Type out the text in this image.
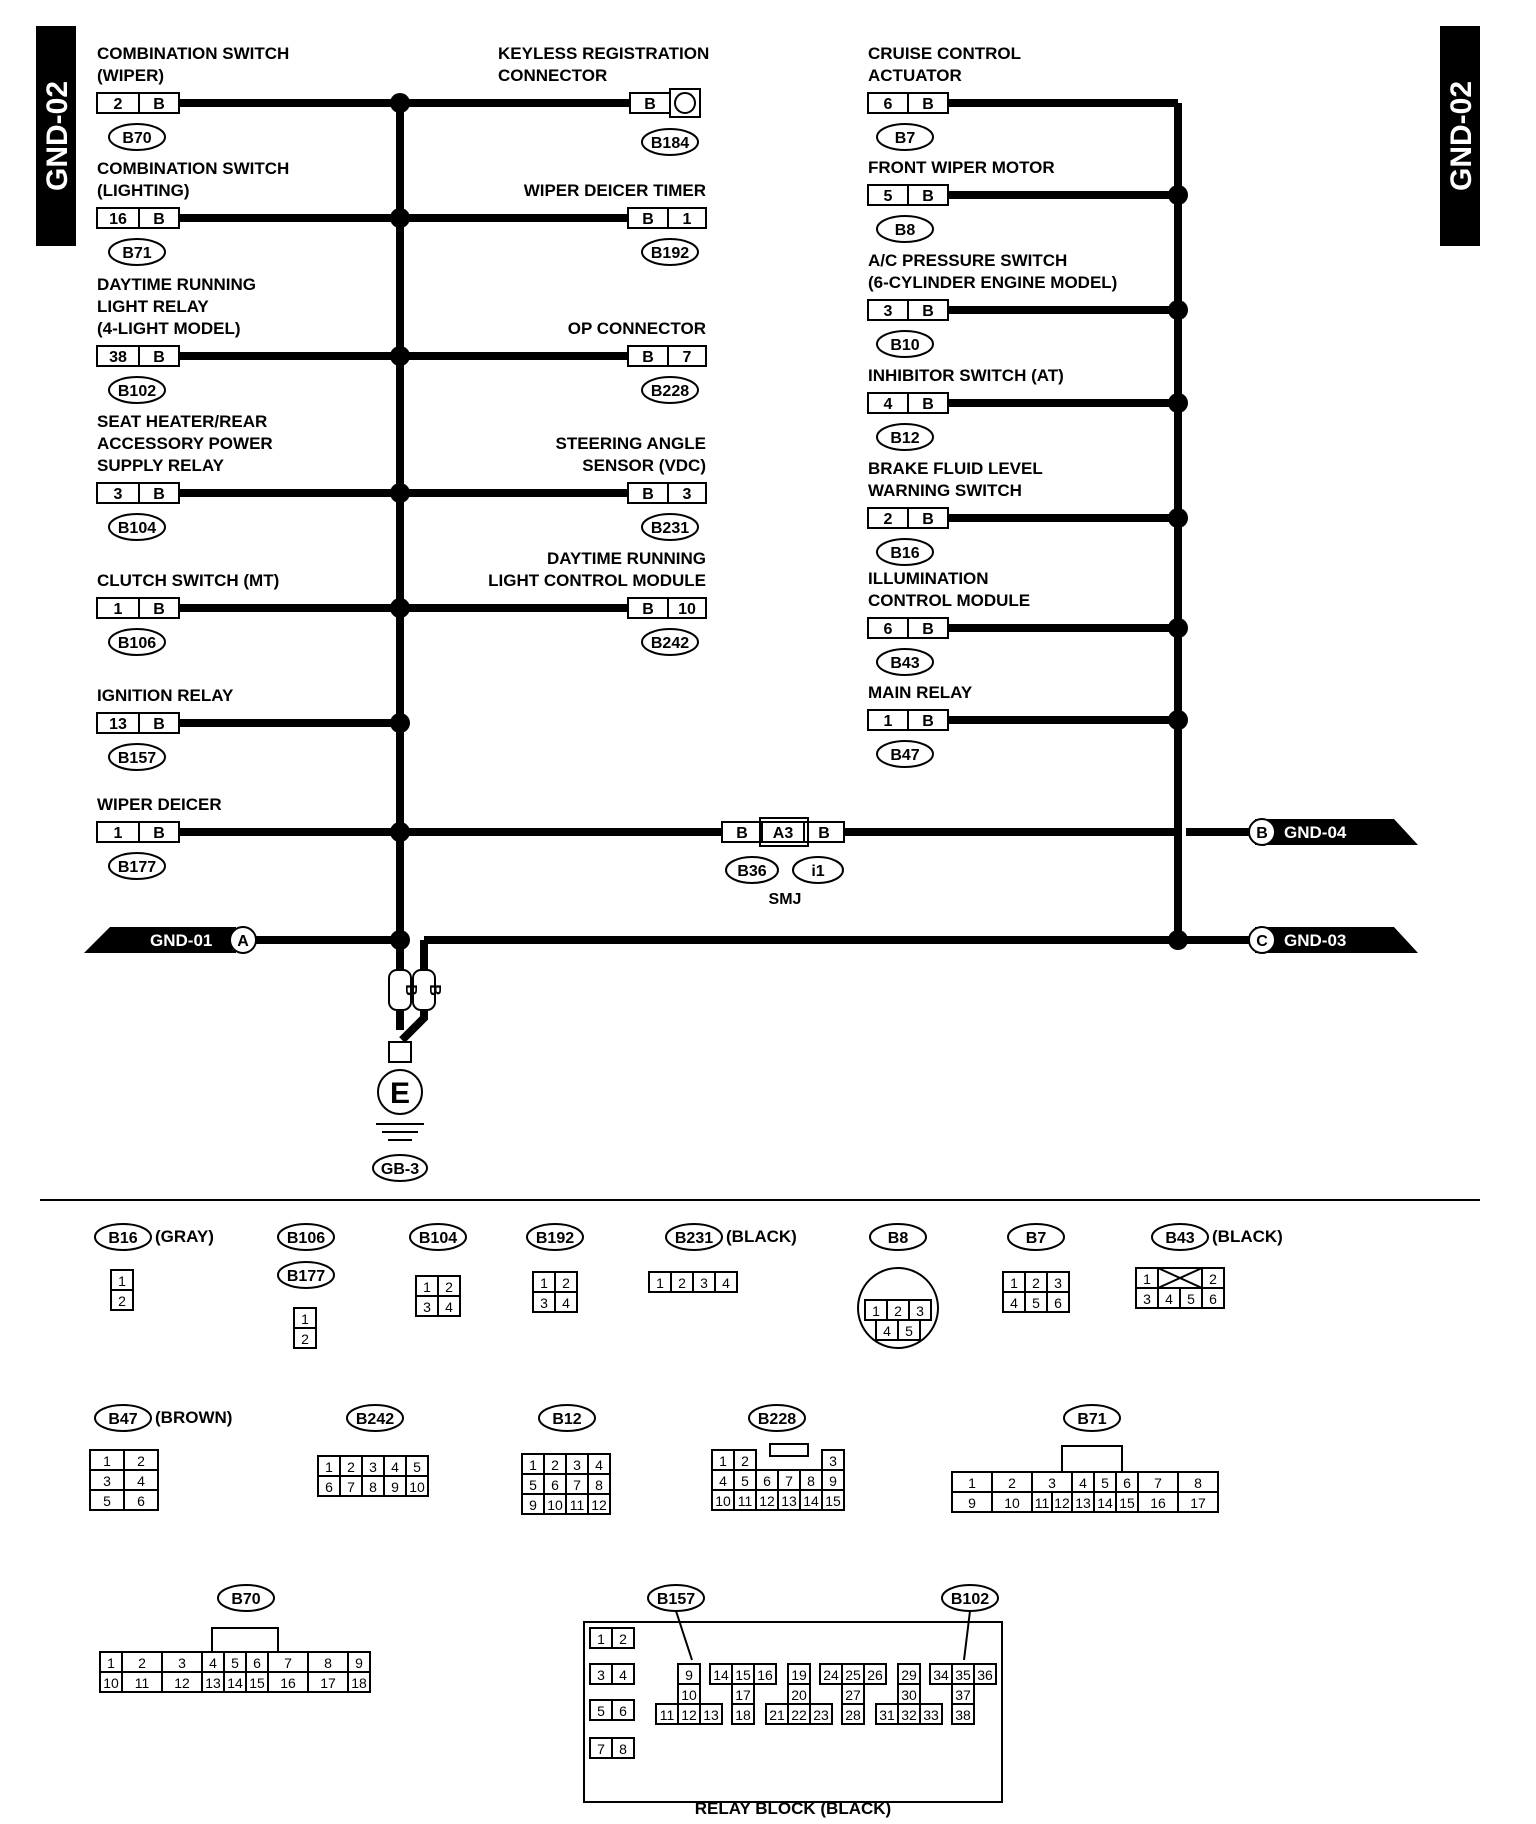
GND-02	GND-02
COMBINATION SWITCH
(WIPER)
2 B
B70
COMBINATION SWITCH
(LIGHTING)
16 B
B71
DAYTIME RUNNING
LIGHT RELAY
(4-LIGHT MODEL)
38 B
B102
SEAT HEATER/REAR
ACCESSORY POWER
SUPPLY RELAY
3 B
B104
CLUTCH SWITCH (MT)
1 B
B106
IGNITION RELAY
13 B
B157
WIPER DEICER
1 B
B177
KEYLESS REGISTRATION
CONNECTOR
B
B184
WIPER DEICER TIMER
B 1
B192
OP CONNECTOR
B 7
B228
STEERING ANGLE
SENSOR (VDC)
B 3
B231
DAYTIME RUNNING
LIGHT CONTROL MODULE
B 10
B242
CRUISE CONTROL
ACTUATOR
6 B
B7
FRONT WIPER MOTOR
5 B
B8
A/C PRESSURE SWITCH
(6-CYLINDER ENGINE MODEL)
3 B
B10
INHIBITOR SWITCH (AT)
4 B
B12
BRAKE FLUID LEVEL
WARNING SWITCH
2 B
B16
ILLUMINATION
CONTROL MODULE
6 B
B43
MAIN RELAY
1 B
B47
B A3 B
B36	i1
SMJ
B GND-04
C GND-03
A
GND-01
B B
E
GB-3
B16 (GRAY)
1
2
B106
B177
1
2
B104
1 2
3 4
B192
1 2
3 4
B231 (BLACK)
1 2 3 4
B8
1 2 3
4 5
B7
1 2 3
4 5 6
B43 (BLACK)
1	2
3 4 5 6
B47 (BROWN)
1 2
3 4
5 6
B242
1 2 3 4 5
6 7 8 9 10
B12
1 2 3 4
5 6 7 8
9 10 11 12
B228
1 2	3
4 5 6 7 8 9
10 11 12 13 14 15
B71
1 2 3 4 5 6 7 8
9 10 11 12 13 14 15 16 17
B70
1 2 3 4 5 6 7 8 9
10 11 12 13 14 15 16 17 18
B157	B102
1 2
3 4
5 6
7 8
9
10
11 12 13
14 15 16
17
18
19
20
21 22 23
24 25 26
27
28
29
30
31 32 33
34 35 36
37
38
RELAY BLOCK (BLACK)
